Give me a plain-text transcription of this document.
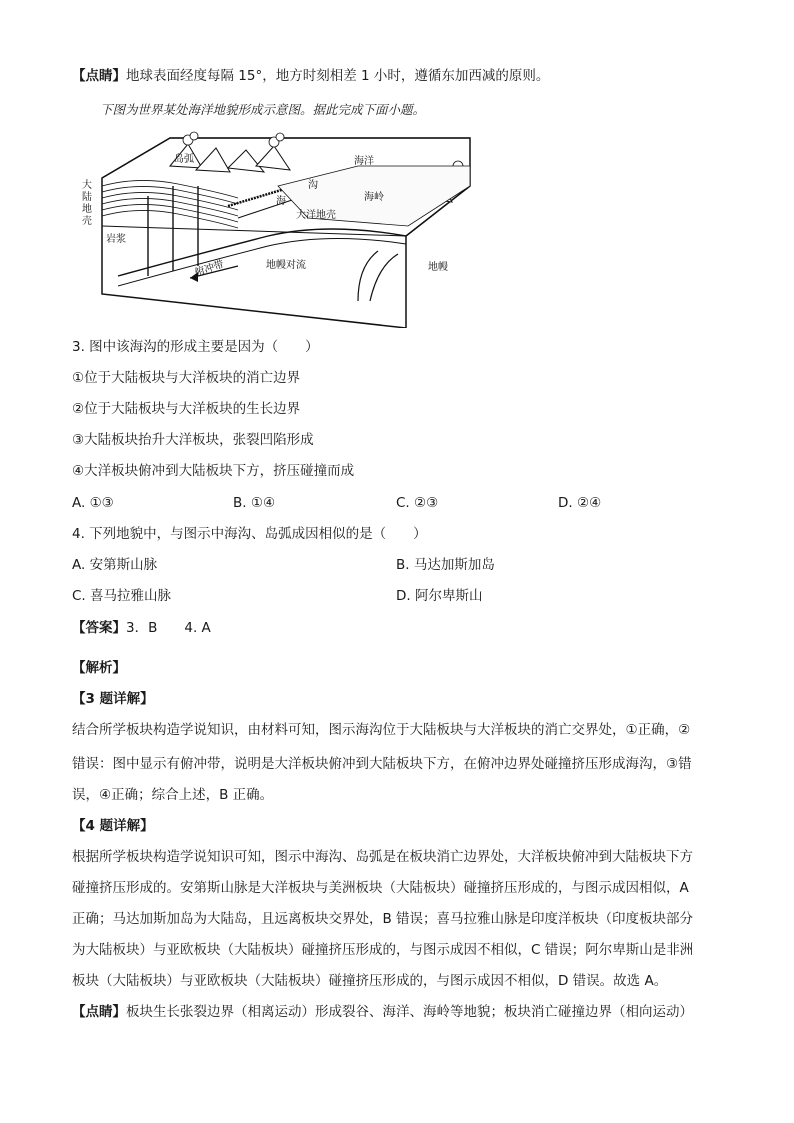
【点睛】地球表面经度每隔 15°，地方时刻相差 1 小时，遵循东加西减的原则。
下图为世界某处海洋地貌形成示意图。据此完成下面小题。
岛弧	海洋
大
陆
地
壳
沟
海	海岭
大洋地壳
岩浆
俯冲带	地幔对流	地幔
3. 图中该海沟的形成主要是因为（　　）
①位于大陆板块与大洋板块的消亡边界
②位于大陆板块与大洋板块的生长边界
③大陆板块抬升大洋板块，张裂凹陷形成
④大洋板块俯冲到大陆板块下方，挤压碰撞而成
A. ①③	B. ①④	C. ②③	D. ②④
4. 下列地貌中，与图示中海沟、岛弧成因相似的是（　　）
A. 安第斯山脉	B. 马达加斯加岛
C. 喜马拉雅山脉	D. 阿尔卑斯山
【答案】3．B　　4. A
【解析】
【3 题详解】
结合所学板块构造学说知识，由材料可知，图示海沟位于大陆板块与大洋板块的消亡交界处，①正确，②
错误：图中显示有俯冲带，说明是大洋板块俯冲到大陆板块下方，在俯冲边界处碰撞挤压形成海沟，③错
误，④正确；综合上述，B 正确。
【4 题详解】
根据所学板块构造学说知识可知，图示中海沟、岛弧是在板块消亡边界处，大洋板块俯冲到大陆板块下方
碰撞挤压形成的。安第斯山脉是大洋板块与美洲板块（大陆板块）碰撞挤压形成的，与图示成因相似，A
正确；马达加斯加岛为大陆岛，且远离板块交界处，B 错误；喜马拉雅山脉是印度洋板块（印度板块部分
为大陆板块）与亚欧板块（大陆板块）碰撞挤压形成的，与图示成因不相似，C 错误；阿尔卑斯山是非洲
板块（大陆板块）与亚欧板块（大陆板块）碰撞挤压形成的，与图示成因不相似，D 错误。故选 A。
【点睛】板块生长张裂边界（相离运动）形成裂谷、海洋、海岭等地貌；板块消亡碰撞边界（相向运动）
